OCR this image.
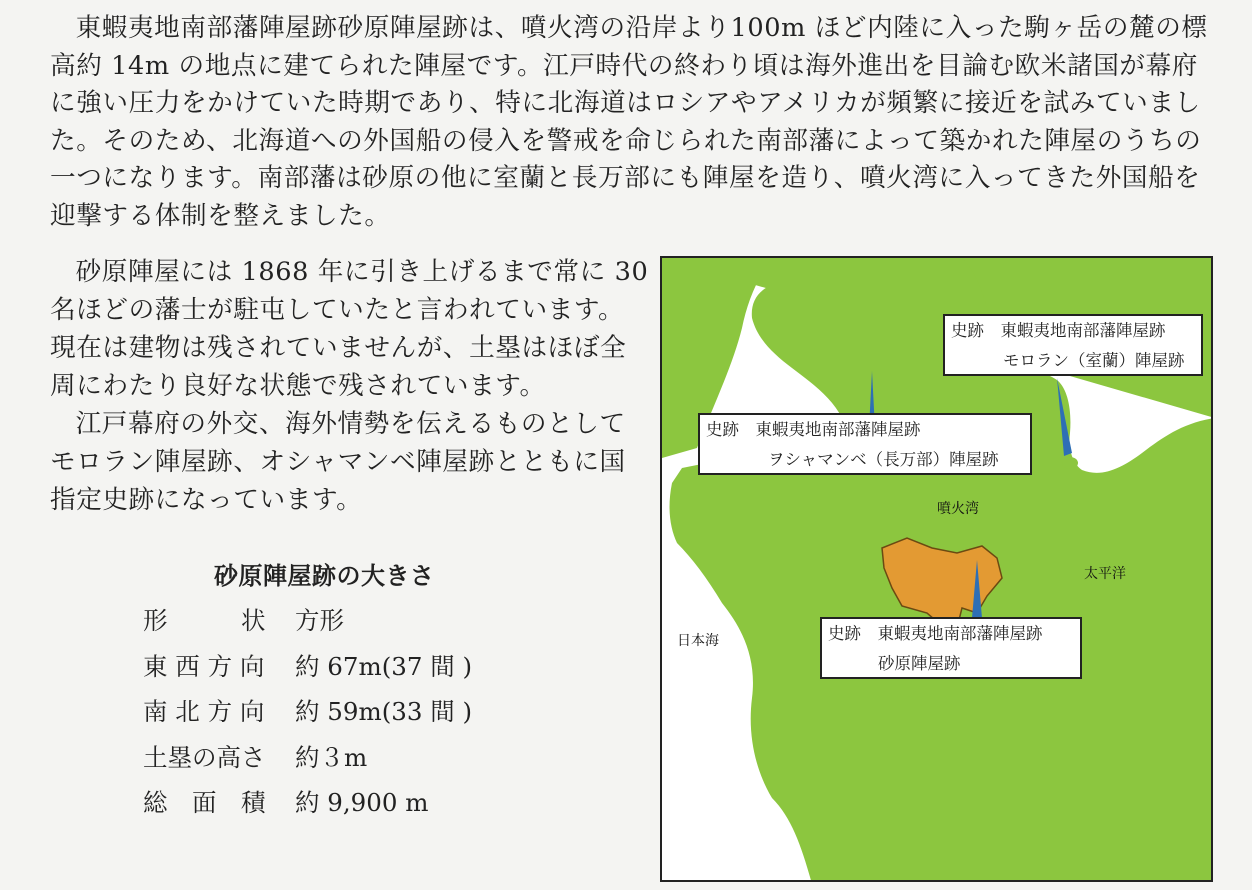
東蝦夷地南部藩陣屋跡砂原陣屋跡は、噴火湾の沿岸より100m ほど内陸に入った駒ヶ岳の麓の標高約 14m の地点に建てられた陣屋です。江戸時代の終わり頃は海外進出を目論む欧米諸国が幕府に強い圧力をかけていた時期であり、特に北海道はロシアやアメリカが頻繁に接近を試みていました。そのため、北海道への外国船の侵入を警戒を命じられた南部藩によって築かれた陣屋のうちの一つになります。南部藩は砂原の他に室蘭と長万部にも陣屋を造り、噴火湾に入ってきた外国船を迎撃する体制を整えました。

砂原陣屋には 1868 年に引き上げるまで常に 30 名ほどの藩士が駐屯していたと言われています。現在は建物は残されていませんが、土塁はほぼ全周にわたり良好な状態で残されています。

江戸幕府の外交、海外情勢を伝えるものとしてモロラン陣屋跡、オシャマンベ陣屋跡とともに国指定史跡になっています。

砂原陣屋跡の大きさ
形　　　状	方形
東 西 方 向	約 67m(37 間 )
南 北 方 向	約 59m(33 間 )
土塁の高さ	約３m
総　面　積	約 9,900 m
噴火湾
太平洋
日本海
史跡　東蝦夷地南部藩陣屋跡
モロラン（室蘭）陣屋跡
史跡　東蝦夷地南部藩陣屋跡
ヲシャマンベ（長万部）陣屋跡
史跡　東蝦夷地南部藩陣屋跡
砂原陣屋跡
